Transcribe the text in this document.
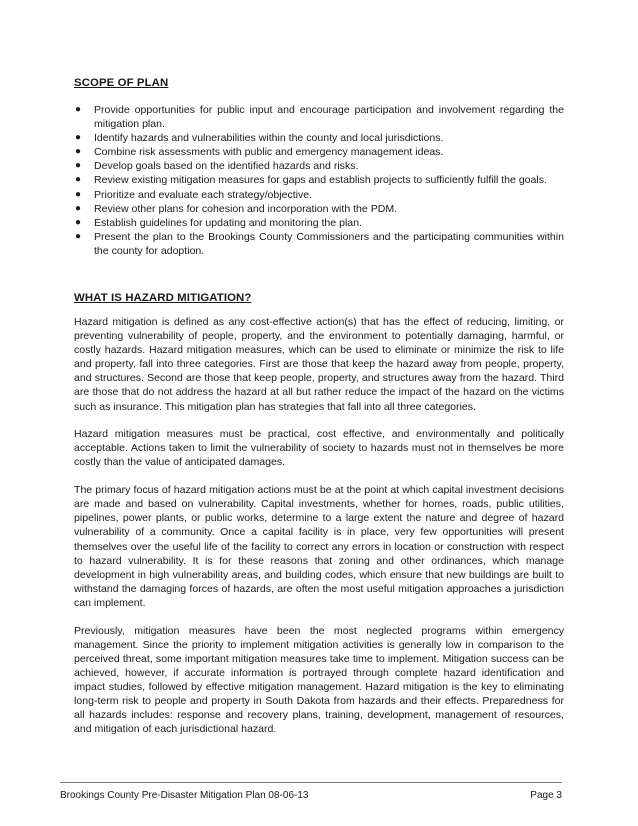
SCOPE OF PLAN
● Provide opportunities for public input and encourage participation and involvement regarding the mitigation plan.
● Identify hazards and vulnerabilities within the county and local jurisdictions.
● Combine risk assessments with public and emergency management ideas.
● Develop goals based on the identified hazards and risks.
● Review existing mitigation measures for gaps and establish projects to sufficiently fulfill the goals.
● Prioritize and evaluate each strategy/objective.
● Review other plans for cohesion and incorporation with the PDM.
● Establish guidelines for updating and monitoring the plan.
● Present the plan to the Brookings County Commissioners and the participating communities within the county for adoption.
WHAT IS HAZARD MITIGATION?

Hazard mitigation is defined as any cost-effective action(s) that has the effect of reducing, limiting, or preventing vulnerability of people, property, and the environment to potentially damaging, harmful, or costly hazards. Hazard mitigation measures, which can be used to eliminate or minimize the risk to life and property, fall into three categories. First are those that keep the hazard away from people, property, and structures. Second are those that keep people, property, and structures away from the hazard. Third are those that do not address the hazard at all but rather reduce the impact of the hazard on the victims such as insurance. This mitigation plan has strategies that fall into all three categories.

Hazard mitigation measures must be practical, cost effective, and environmentally and politically acceptable. Actions taken to limit the vulnerability of society to hazards must not in themselves be more costly than the value of anticipated damages.

The primary focus of hazard mitigation actions must be at the point at which capital investment decisions are made and based on vulnerability. Capital investments, whether for homes, roads, public utilities, pipelines, power plants, or public works, determine to a large extent the nature and degree of hazard vulnerability of a community. Once a capital facility is in place, very few opportunities will present themselves over the useful life of the facility to correct any errors in location or construction with respect to hazard vulnerability. It is for these reasons that zoning and other ordinances, which manage development in high vulnerability areas, and building codes, which ensure that new buildings are built to withstand the damaging forces of hazards, are often the most useful mitigation approaches a jurisdiction can implement.

Previously, mitigation measures have been the most neglected programs within emergency management. Since the priority to implement mitigation activities is generally low in comparison to the perceived threat, some important mitigation measures take time to implement. Mitigation success can be achieved, however, if accurate information is portrayed through complete hazard identification and impact studies, followed by effective mitigation management. Hazard mitigation is the key to eliminating long-term risk to people and property in South Dakota from hazards and their effects. Preparedness for all hazards includes: response and recovery plans, training, development, management of resources, and mitigation of each jurisdictional hazard.

Brookings County Pre-Disaster Mitigation Plan 08-06-13	Page 3
